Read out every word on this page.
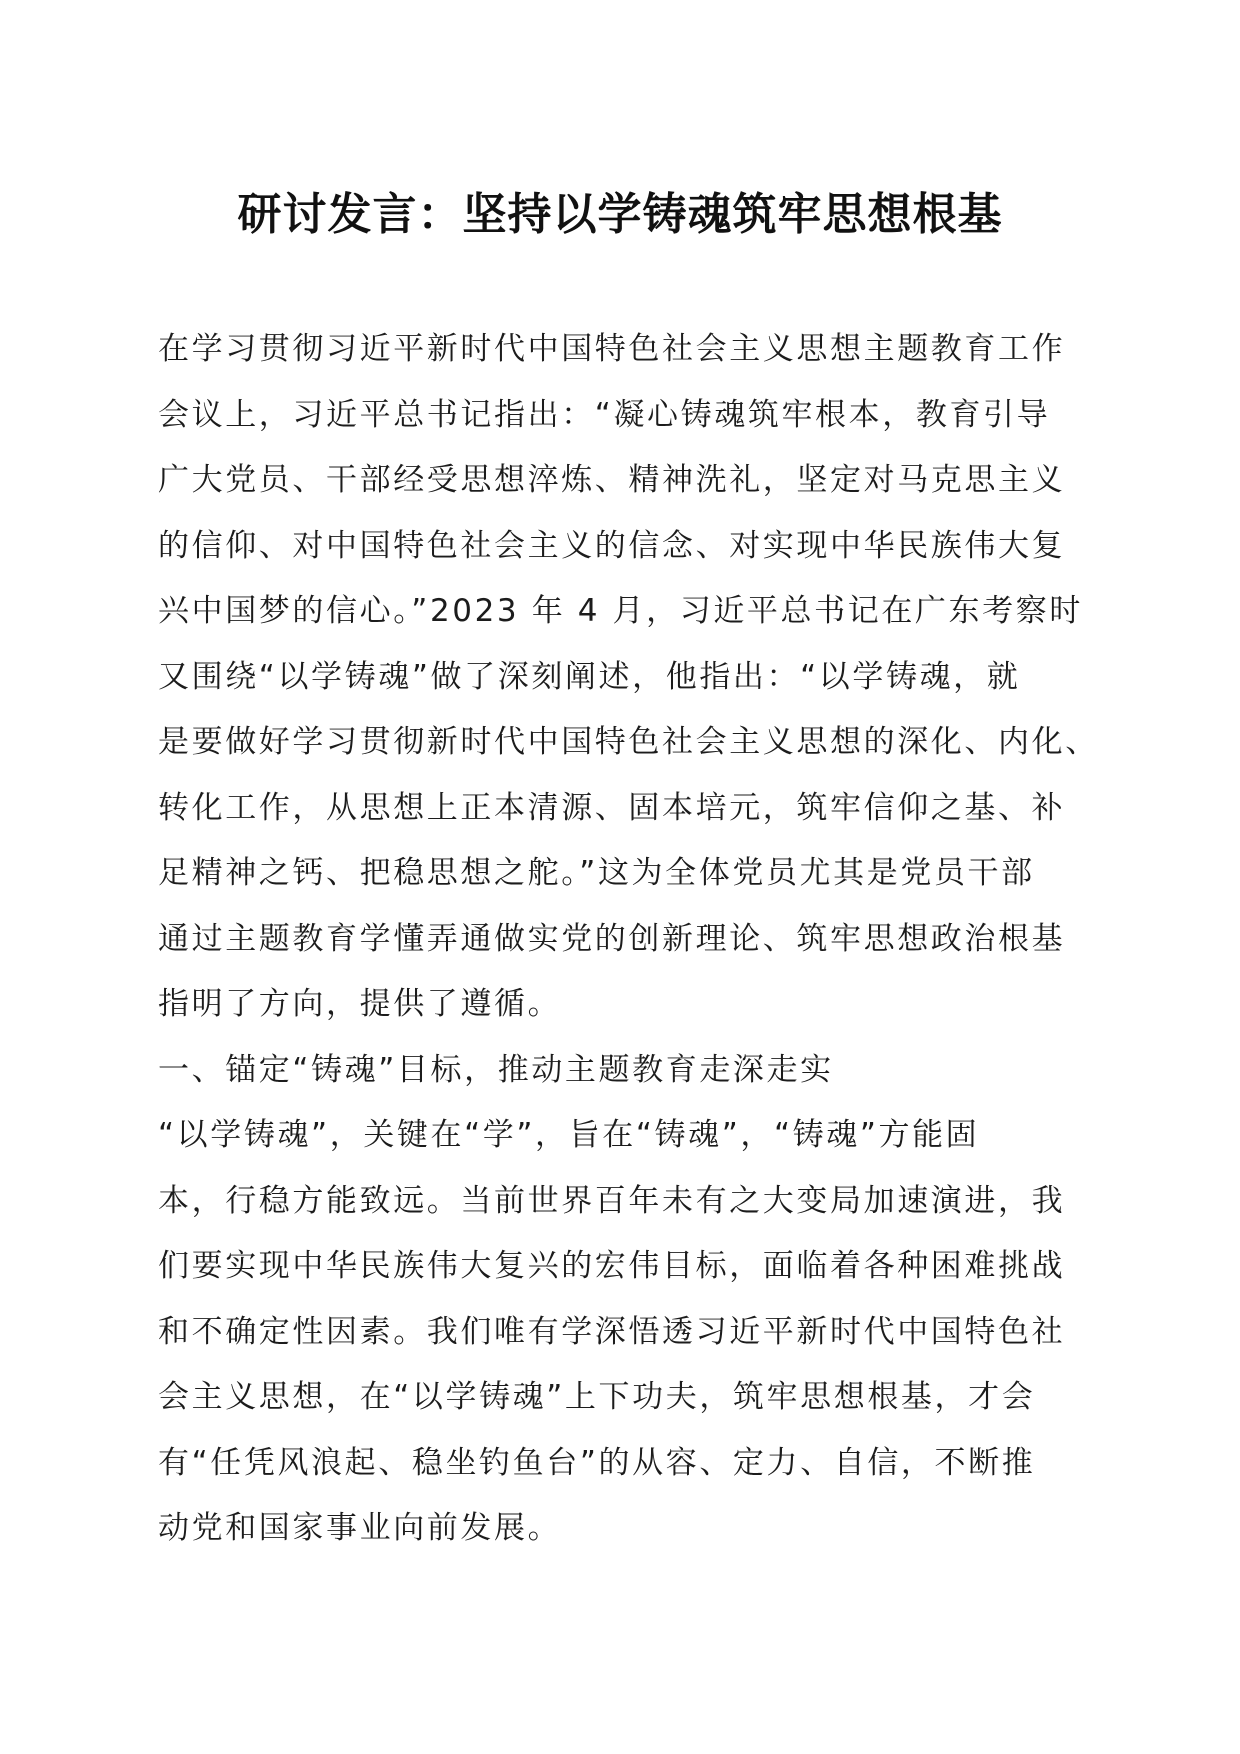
研讨发言：坚持以学铸魂筑牢思想根基
在学习贯彻习近平新时代中国特色社会主义思想主题教育工作
会议上，习近平总书记指出：“凝心铸魂筑牢根本，教育引导
广大党员、干部经受思想淬炼、精神洗礼，坚定对马克思主义
的信仰、对中国特色社会主义的信念、对实现中华民族伟大复
兴中国梦的信心。”2023 年 4 月，习近平总书记在广东考察时
又围绕“以学铸魂”做了深刻阐述，他指出：“以学铸魂，就
是要做好学习贯彻新时代中国特色社会主义思想的深化、内化、
转化工作，从思想上正本清源、固本培元，筑牢信仰之基、补
足精神之钙、把稳思想之舵。”这为全体党员尤其是党员干部
通过主题教育学懂弄通做实党的创新理论、筑牢思想政治根基
指明了方向，提供了遵循。
一、锚定“铸魂”目标，推动主题教育走深走实
“以学铸魂”，关键在“学”，旨在“铸魂”，“铸魂”方能固
本，行稳方能致远。当前世界百年未有之大变局加速演进，我
们要实现中华民族伟大复兴的宏伟目标，面临着各种困难挑战
和不确定性因素。我们唯有学深悟透习近平新时代中国特色社
会主义思想，在“以学铸魂”上下功夫，筑牢思想根基，才会
有“任凭风浪起、稳坐钓鱼台”的从容、定力、自信，不断推
动党和国家事业向前发展。
